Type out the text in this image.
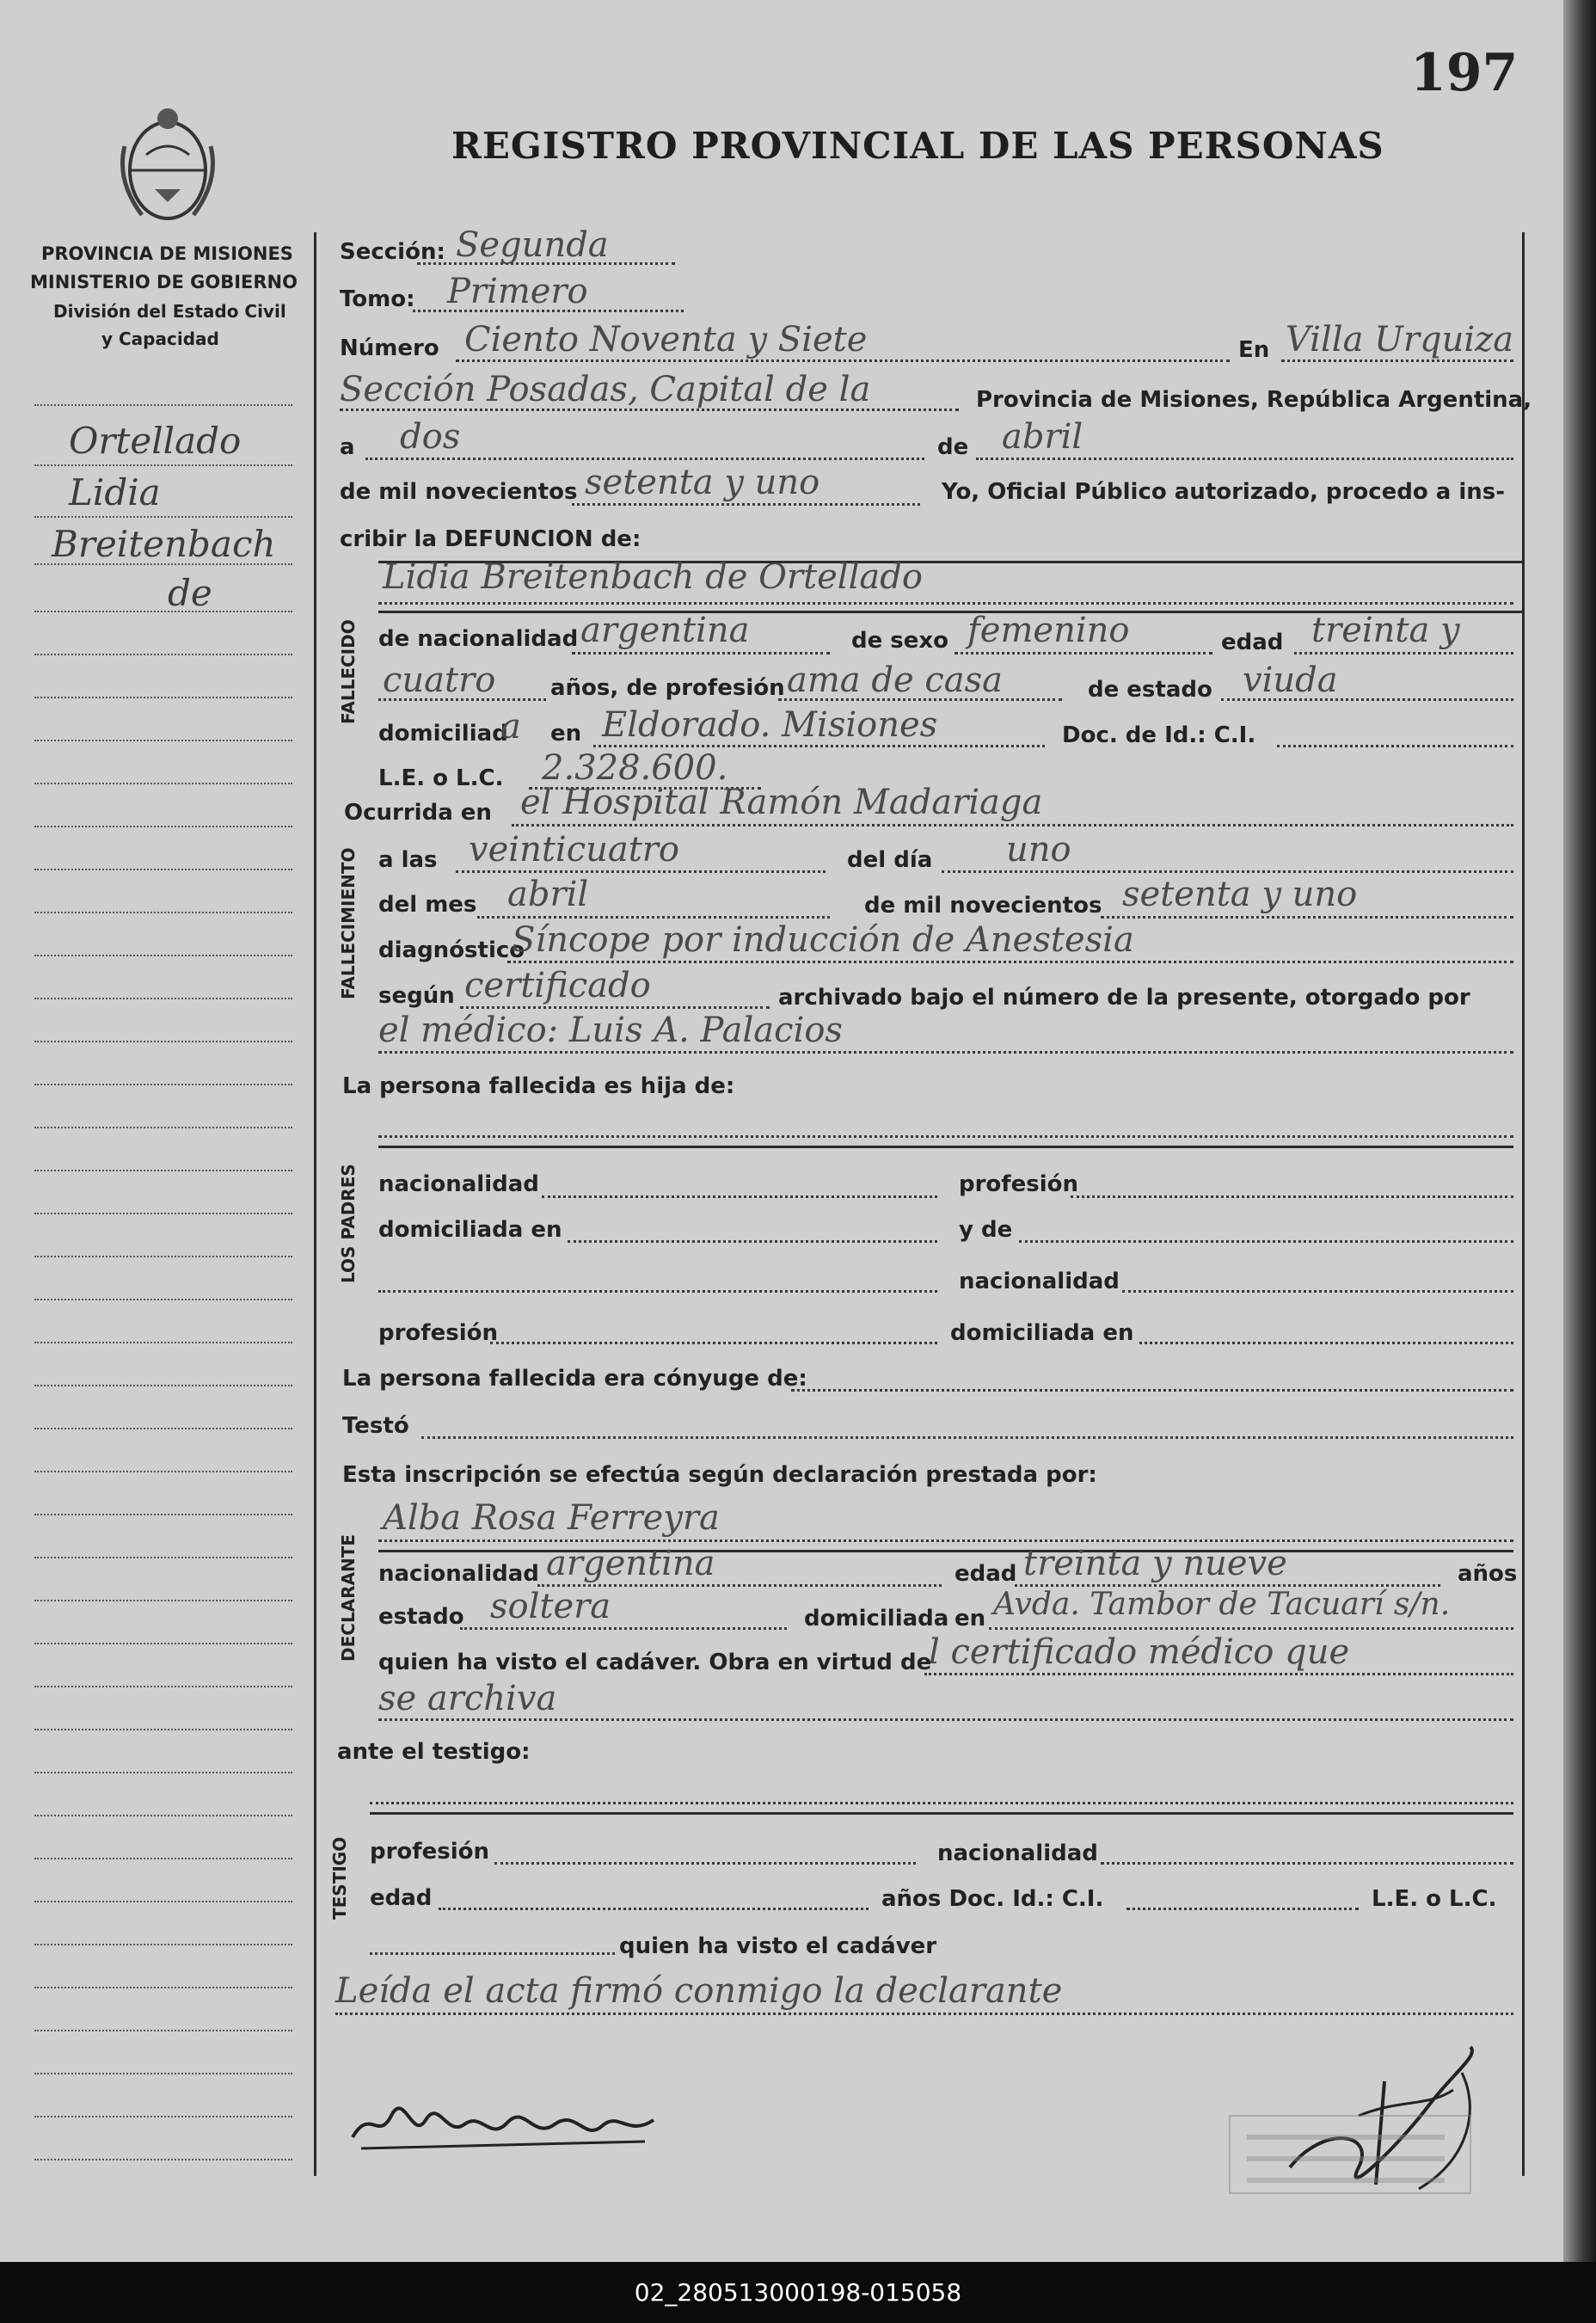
197
REGISTRO PROVINCIAL DE LAS PERSONAS
PROVINCIA DE MISIONES
MINISTERIO DE GOBIERNO
División del Estado Civil
y Capacidad
Ortellado
Lidia
Breitenbach
de
Sección: Segunda
Tomo: Primero
Número Ciento Noventa y Siete	En Villa Urquiza
Sección Posadas, Capital de la	Provincia de Misiones, República Argentina,
a dos	de abril
de mil novecientos setenta y uno	Yo, Oficial Público autorizado, procedo a ins-
cribir la DEFUNCION de:
FALLECIDO
Lidia Breitenbach de Ortellado
de nacionalidad argentina	de sexo femenino	edad treinta y
cuatro años, de profesión ama de casa	de estado viuda
domiciliad
a en Eldorado. Misiones	Doc. de Id.: C.I.
L.E. o L.C. 2.328.600.
Ocurrida en el Hospital Ramón Madariaga
FALLECIMIENTO a las veinticuatro	del día uno
del mes abril	de mil novecientos setenta y uno
diagnóstico
Síncope por inducción de Anestesia
según certificado	archivado bajo el número de la presente, otorgado por
el médico: Luis A. Palacios
La persona fallecida es hija de:
LOS PADRES nacionalidad	profesión
domiciliada en	y de
nacionalidad
profesión	domiciliada en
La persona fallecida era cónyuge de:
Testó
Esta inscripción se efectúa según declaración prestada por:
DECLARANTE
Alba Rosa Ferreyra
nacionalidad argentina	edad treinta y nueve	años
estado soltera	domiciliada en Avda. Tambor de Tacuarí s/n.
quien ha visto el cadáver. Obra en virtud de
l certificado médico que
se archiva
ante el testigo:
TESTIGO profesión	nacionalidad
edad	años Doc. Id.: C.I.	L.E. o L.C.
quien ha visto el cadáver
Leída el acta firmó conmigo la declarante
02_280513000198-015058
